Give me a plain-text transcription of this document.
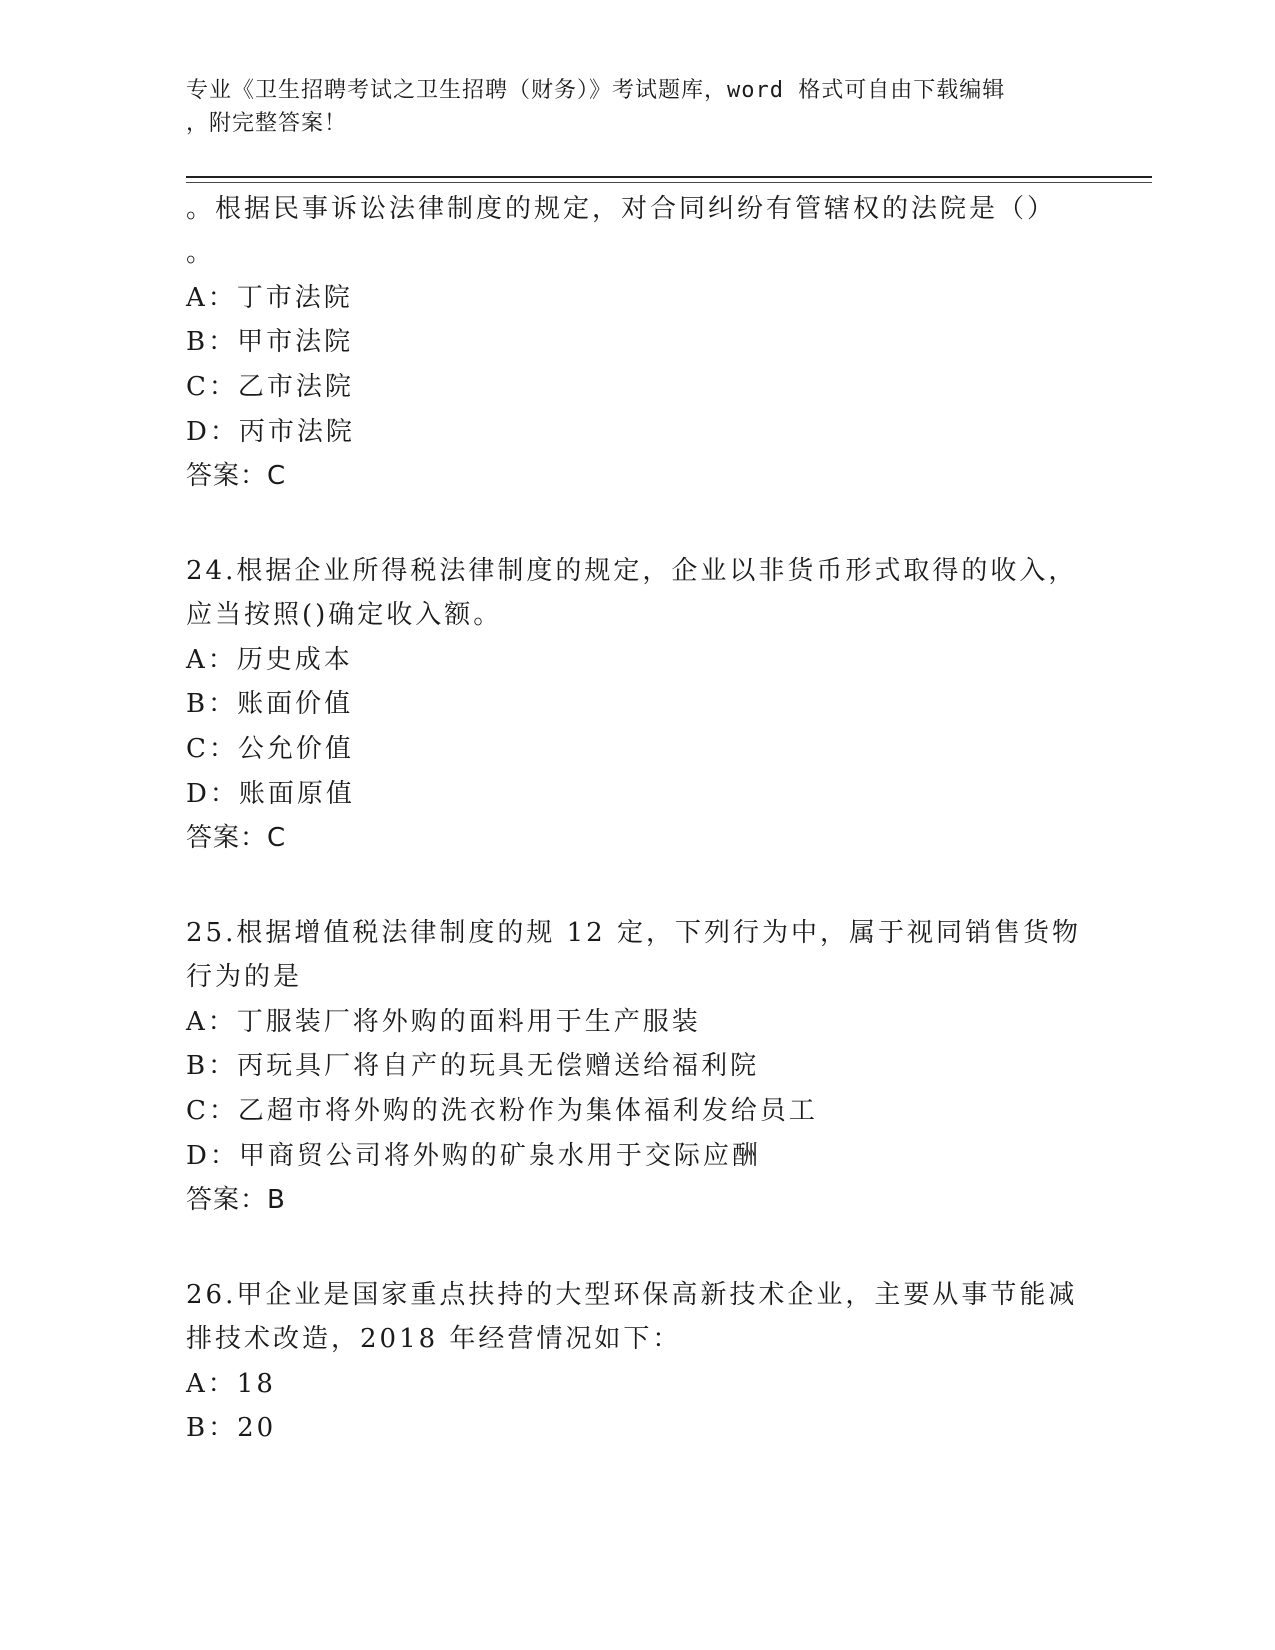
专业《卫生招聘考试之卫生招聘（财务）》考试题库，word 格式可自由下载编辑
，附完整答案！
。根据民事诉讼法律制度的规定，对合同纠纷有管辖权的法院是（）
。
A：丁市法院
B：甲市法院
C：乙市法院
D：丙市法院
答案：C
24.根据企业所得税法律制度的规定，企业以非货币形式取得的收入，
应当按照()确定收入额。
A：历史成本
B：账面价值
C：公允价值
D：账面原值
答案：C
25.根据增值税法律制度的规 12 定，下列行为中，属于视同销售货物
行为的是
A：丁服装厂将外购的面料用于生产服装
B：丙玩具厂将自产的玩具无偿赠送给福利院
C：乙超市将外购的洗衣粉作为集体福利发给员工
D：甲商贸公司将外购的矿泉水用于交际应酬
答案：B
26.甲企业是国家重点扶持的大型环保高新技术企业，主要从事节能减
排技术改造，2018 年经营情况如下：
A：18
B：20
